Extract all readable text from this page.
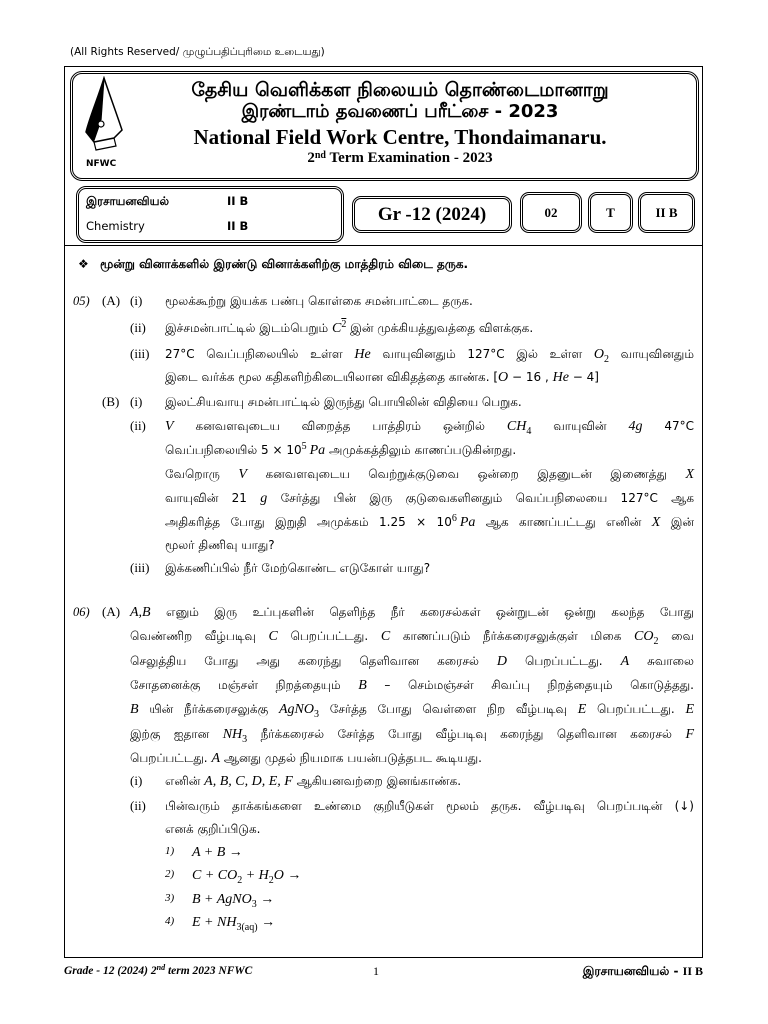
(All Rights Reserved/ முழுப்பதிப்புரிமை உடையது)
NFWC
தேசிய வெளிக்கள நிலையம் தொண்டைமானாறு
இரண்டாம் தவணைப் பரீட்சை - 2023
National Field Work Centre, Thondaimanaru.
2nd Term Examination - 2023
இரசாயனவியல்	II B
Chemistry	II B
Gr -12 (2024)	02	T	II B
❖ மூன்று வினாக்களில் இரண்டு வினாக்களிற்கு மாத்திரம் விடை தருக.
05) (A) (i) மூலக்கூற்று இயக்க பண்பு கொள்கை சமன்பாட்டை தருக.
(ii) இச்சமன்பாட்டில் இடம்பெறும் $C^2$ இன் முக்கியத்துவத்தை விளக்குக.
(iii) 27°C வெப்பநிலையில் உள்ள He வாயுவினதும் 127°C இல் உள்ள $O_2$ வாயுவினதும்
இடை வர்க்க மூல கதிகளிற்கிடையிலான விகிதத்தை காண்க. [O − 16 , He − 4]
(B) (i) இலட்சியவாயு சமன்பாட்டில் இருந்து பொயிலின் விதியை பெறுக.
(ii) V கனவளவுடைய விறைத்த பாத்திரம் ஒன்றில் $CH_4$ வாயுவின் 4g 47°C
வெப்பநிலையில் $5 \times 10^5$ Pa அமுக்கத்திலும் காணப்படுகின்றது.
வேறொரு V கனவளவுடைய வெற்றுக்குடுவை ஒன்றை இதனுடன் இணைத்து X
வாயுவின் 21 g சேர்த்து பின் இரு குடுவைகளினதும் வெப்பநிலையை 127°C ஆக
அதிகரித்த போது இறுதி அமுக்கம் $1.25 \times 10^6$ Pa ஆக காணப்பட்டது எனின் X இன்
மூலர் திணிவு யாது?
(iii) இக்கணிப்பில் நீர் மேற்கொண்ட எடுகோள் யாது?
06) (A) A,B எனும் இரு உப்புகளின் தெளிந்த நீர் கரைசல்கள் ஒன்றுடன் ஒன்று கலந்த போது
வெண்ணிற வீழ்படிவு C பெறப்பட்டது. C காணப்படும் நீர்க்கரைசலுக்குள் மிகை $CO_2$ வை
செலுத்திய போது அது கரைந்து தெளிவான கரைசல் D பெறப்பட்டது. A சுவாலை
சோதனைக்கு மஞ்சள் நிறத்தையும் B – செம்மஞ்சள் சிவப்பு நிறத்தையும் கொடுத்தது.
B யின் நீர்க்கரைசலுக்கு AgNO$_3$ சேர்த்த போது வெள்ளை நிற வீழ்படிவு E பெறப்பட்டது. E
இற்கு ஐதான $NH_3$ நீர்க்கரைசல் சேர்த்த போது வீழ்படிவு கரைந்து தெளிவான கரைசல் F
பெறப்பட்டது. A ஆனது முதல் நியமாக பயன்படுத்தபட கூடியது.
(i) எனின் A, B, C, D, E, F ஆகியனவற்றை இனங்காண்க.
(ii) பின்வரும் தாக்கங்களை உண்மை குறியீடுகள் மூலம் தருக. வீழ்படிவு பெறப்படின் (↓)
எனக் குறிப்பிடுக.
1) A + B →
2) $C + CO_2 + H_2O$ →
3) B + AgNO$_3$ →
4) $E + NH_{3(aq)}$ →
Grade - 12 (2024) 2nd term 2023 NFWC	1	இரசாயனவியல் - II B
